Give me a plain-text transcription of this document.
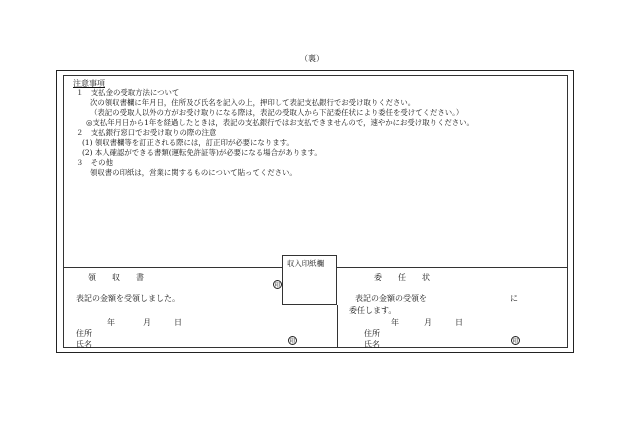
（裏）
注意事項
１　支払金の受取方法について
次の領収書欄に年月日，住所及び氏名を記入の上，押印して表記支払銀行でお受け取りください。
（表記の受取人以外の方がお受け取りになる際は，表記の受取人から下記委任状により委任を受けてください。）
◎支払年月日から1年を経過したときは，表記の支払銀行ではお支払できませんので，速やかにお受け取りください。
２　支払銀行窓口でお受け取りの際の注意
(1) 領収書欄等を訂正される際には，訂正印が必要になります。
(2) 本人確認ができる書類(運転免許証等)が必要になる場合があります。
３　その他
領収書の印紙は，営業に関するものについて貼ってください。
収入印紙欄
領　　収　　書
印
表記の金額を受領しました。
年	月	日
住所
氏名	印
委　　任　　状
表記の金額の受領を	に
委任します。
年	月	日
住所
氏名	印
